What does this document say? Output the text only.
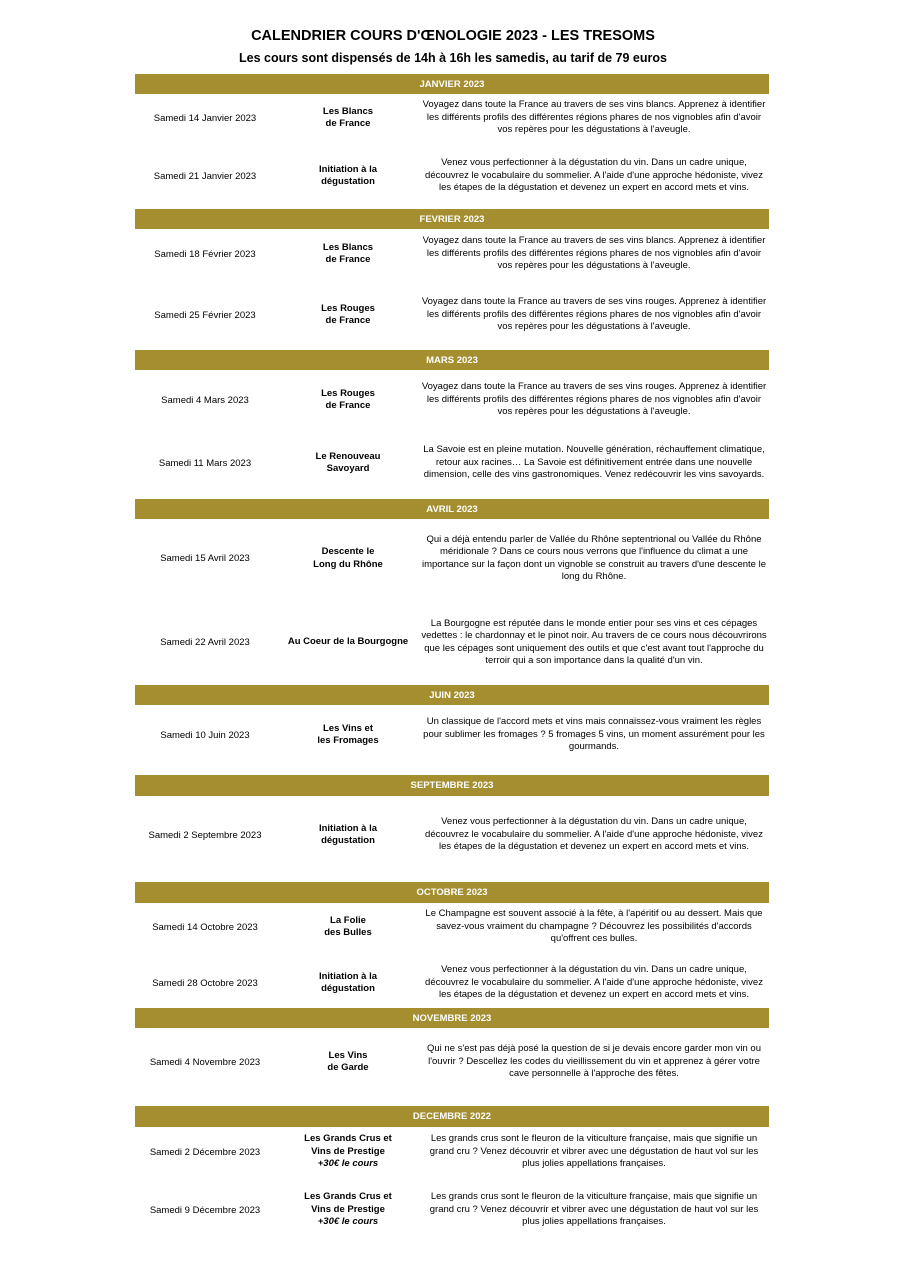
CALENDRIER COURS D'ŒNOLOGIE 2023 - LES TRESOMS
Les cours sont dispensés de 14h à 16h les samedis, au tarif de 79 euros
JANVIER 2023
FEVRIER 2023
MARS 2023
AVRIL 2023
JUIN 2023
SEPTEMBRE 2023
OCTOBRE 2023
NOVEMBRE 2023
DECEMBRE 2022
Samedi 14 Janvier 2023
Les Blancs
de France
Voyagez dans toute la France au travers de ses vins blancs. Apprenez à identifier les différents profils des différentes régions phares de nos vignobles afin d'avoir vos repères pour les dégustations à l'aveugle.
Samedi 21 Janvier 2023
Initiation à la
dégustation
Venez vous perfectionner à la dégustation du vin. Dans un cadre unique, découvrez le vocabulaire du sommelier. A l'aide d'une approche hédoniste, vivez les étapes de la dégustation et devenez un expert en accord mets et vins.
Samedi 18 Février 2023
Les Blancs
de France
Voyagez dans toute la France au travers de ses vins blancs. Apprenez à identifier les différents profils des différentes régions phares de nos vignobles afin d'avoir vos repères pour les dégustations à l'aveugle.
Samedi 25 Février 2023
Les Rouges
de France
Voyagez dans toute la France au travers de ses vins rouges. Apprenez à identifier les différents profils des différentes régions phares de nos vignobles afin d'avoir vos repères pour les dégustations à l'aveugle.
Samedi 4 Mars 2023
Les Rouges
de France
Voyagez dans toute la France au travers de ses vins rouges. Apprenez à identifier les différents profils des différentes régions phares de nos vignobles afin d'avoir vos repères pour les dégustations à l'aveugle.
Samedi 11 Mars 2023
Le Renouveau
Savoyard
La Savoie est en pleine mutation. Nouvelle génération, réchauffement climatique, retour aux racines… La Savoie est définitivement entrée dans une nouvelle dimension, celle des vins gastronomiques. Venez redécouvrir les vins savoyards.
Samedi 15 Avril 2023
Descente le
Long du Rhône
Qui a déjà entendu parler de Vallée du Rhône septentrional ou Vallée du Rhône méridionale ? Dans ce cours nous verrons que l'influence du climat a une importance sur la façon dont un vignoble se construit au travers d'une descente le long du Rhône.
Samedi 22 Avril 2023	Au Coeur de la Bourgogne
La Bourgogne est réputée dans le monde entier pour ses vins et ces cépages vedettes : le chardonnay et le pinot noir. Au travers de ce cours nous découvrirons que les cépages sont uniquement des outils et que c'est avant tout l'approche du terroir qui a son importance dans la qualité d'un vin.
Samedi 10 Juin 2023
Les Vins et
les Fromages
Un classique de l'accord mets et vins mais connaissez-vous vraiment les règles pour sublimer les fromages ? 5 fromages 5 vins, un moment assurément pour les gourmands.
Samedi 2 Septembre 2023
Initiation à la
dégustation
Venez vous perfectionner à la dégustation du vin. Dans un cadre unique, découvrez le vocabulaire du sommelier. A l'aide d'une approche hédoniste, vivez les étapes de la dégustation et devenez un expert en accord mets et vins.
Samedi 14 Octobre 2023
La Folie
des Bulles
Le Champagne est souvent associé à la fête, à l'apéritif ou au dessert. Mais que savez-vous vraiment du champagne ? Découvrez les possibilités d'accords qu'offrent ces bulles.
Samedi 28 Octobre 2023
Initiation à la
dégustation
Venez vous perfectionner à la dégustation du vin. Dans un cadre unique, découvrez le vocabulaire du sommelier. A l'aide d'une approche hédoniste, vivez les étapes de la dégustation et devenez un expert en accord mets et vins.
Samedi 4 Novembre 2023
Les Vins
de Garde
Qui ne s'est pas déjà posé la question de si je devais encore garder mon vin ou l'ouvrir ? Descellez les codes du vieillissement du vin et apprenez à gérer votre cave personnelle à l'approche des fêtes.
Samedi 2 Décembre 2023
Les Grands Crus et
Vins de Prestige
+30€ le cours
Les grands crus sont le fleuron de la viticulture française, mais que signifie un grand cru ? Venez découvrir et vibrer avec une dégustation de haut vol sur les plus jolies appellations françaises.
Samedi 9 Décembre 2023
Les Grands Crus et
Vins de Prestige
+30€ le cours
Les grands crus sont le fleuron de la viticulture française, mais que signifie un grand cru ? Venez découvrir et vibrer avec une dégustation de haut vol sur les plus jolies appellations françaises.
